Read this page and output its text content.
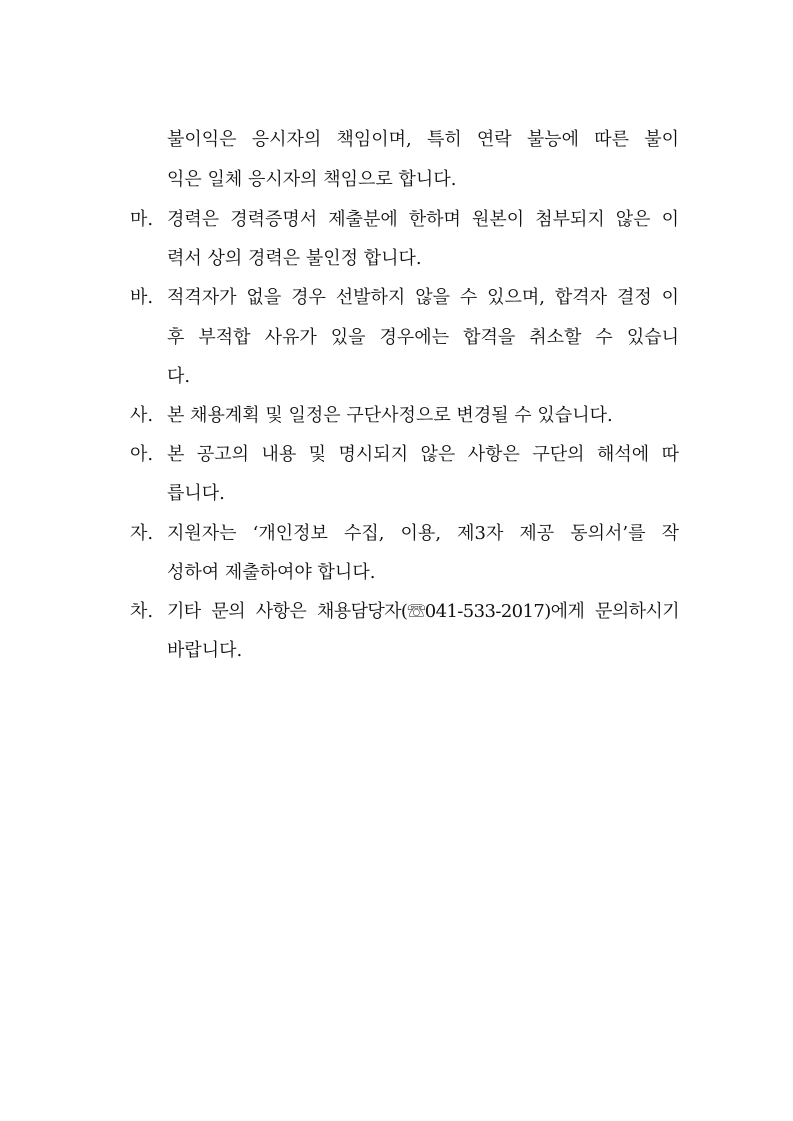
불이익은 응시자의 책임이며, 특히 연락 불능에 따른 불이
익은 일체 응시자의 책임으로 합니다.
마. 경력은 경력증명서 제출분에 한하며 원본이 첨부되지 않은 이
력서 상의 경력은 불인정 합니다.
바. 적격자가 없을 경우 선발하지 않을 수 있으며, 합격자 결정 이
후 부적합 사유가 있을 경우에는 합격을 취소할 수 있습니
다.
사. 본 채용계획 및 일정은 구단사정으로 변경될 수 있습니다.
아. 본 공고의 내용 및 명시되지 않은 사항은 구단의 해석에 따
릅니다.
자. 지원자는 ‘개인정보 수집, 이용, 제3자 제공 동의서’를 작
성하여 제출하여야 합니다.
차. 기타 문의 사항은 채용담당자(☏041-533-2017)에게 문의하시기
바랍니다.
